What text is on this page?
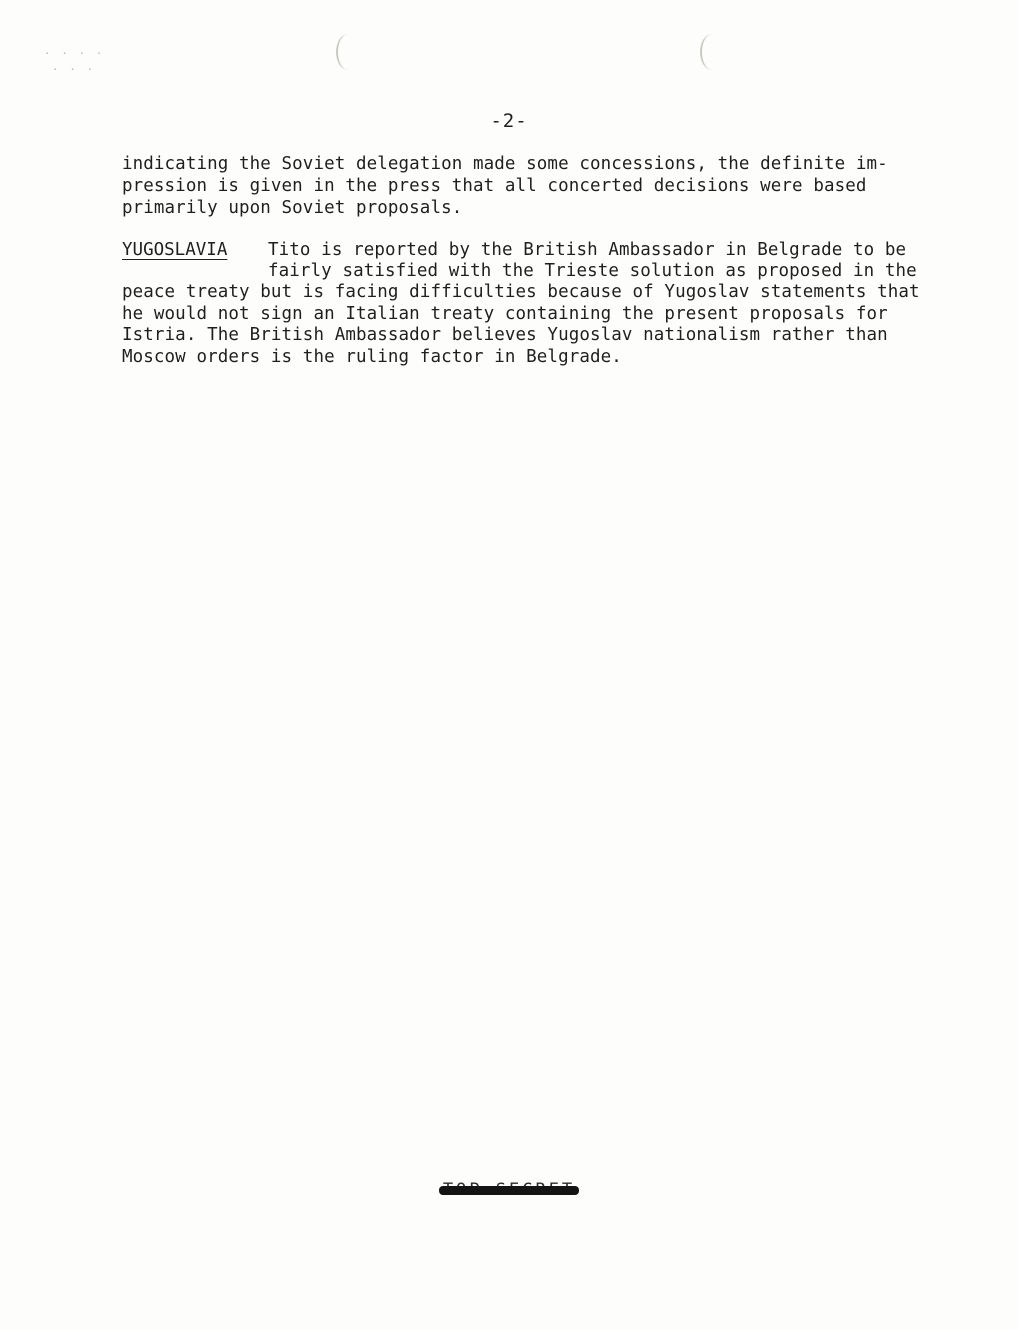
. . . .
. . .
-2-
indicating the Soviet delegation made some concessions, the definite im-
pression is given in the press that all concerted decisions were based
primarily upon Soviet proposals.
YUGOSLAVIA Tito is reported by the British Ambassador in Belgrade to be
fairly satisfied with the Trieste solution as proposed in the
peace treaty but is facing difficulties because of Yugoslav statements that
he would not sign an Italian treaty containing the present proposals for
Istria. The British Ambassador believes Yugoslav nationalism rather than
Moscow orders is the ruling factor in Belgrade.
